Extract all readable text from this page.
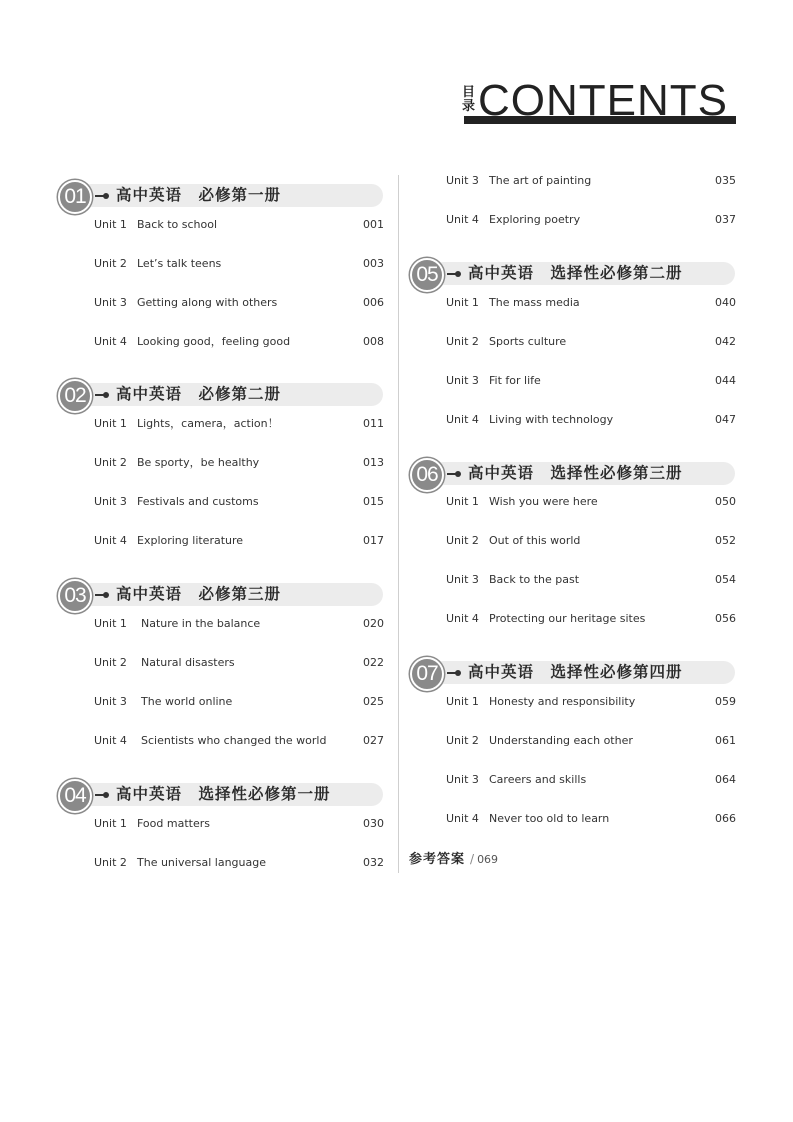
目
录 CONTENTS
01	高中英语　必修第一册
Unit 1 Back to school	001
Unit 2 Let’s talk teens	003
Unit 3 Getting along with others	006
Unit 4 Looking good，feeling good	008
02	高中英语　必修第二册
Unit 1 Lights，camera，action！	011
Unit 2 Be sporty，be healthy	013
Unit 3 Festivals and customs	015
Unit 4 Exploring literature	017
03	高中英语　必修第三册
Unit 1 Nature in the balance	020
Unit 2 Natural disasters	022
Unit 3 The world online	025
Unit 4 Scientists who changed the world	027
04	高中英语　选择性必修第一册
Unit 1 Food matters	030
Unit 2 The universal language	032
Unit 3 The art of painting	035
Unit 4 Exploring poetry	037
05	高中英语　选择性必修第二册
Unit 1 The mass media	040
Unit 2 Sports culture	042
Unit 3 Fit for life	044
Unit 4 Living with technology	047
06	高中英语　选择性必修第三册
Unit 1 Wish you were here	050
Unit 2 Out of this world	052
Unit 3 Back to the past	054
Unit 4 Protecting our heritage sites	056
07	高中英语　选择性必修第四册
Unit 1 Honesty and responsibility	059
Unit 2 Understanding each other	061
Unit 3 Careers and skills	064
Unit 4 Never too old to learn	066
参考答案 / 069
